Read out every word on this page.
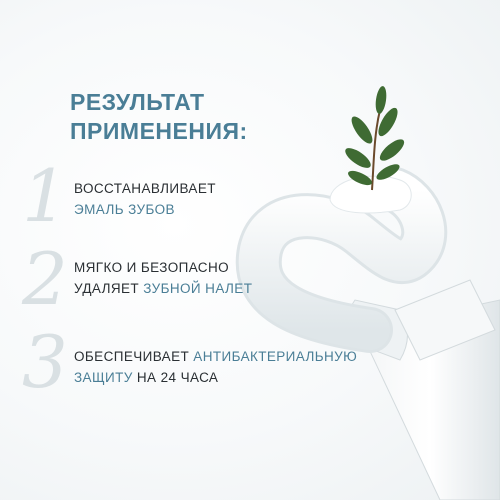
РЕЗУЛЬТАТ
ПРИМЕНЕНИЯ:
1 ВОССТАНАВЛИВАЕТ
ЭМАЛЬ ЗУБОВ
2 МЯГКО И БЕЗОПАСНО
УДАЛЯЕТ ЗУБНОЙ НАЛЕТ
3 ОБЕСПЕЧИВАЕТ АНТИБАКТЕРИАЛЬНУЮ
ЗАЩИТУ НА 24 ЧАСА
